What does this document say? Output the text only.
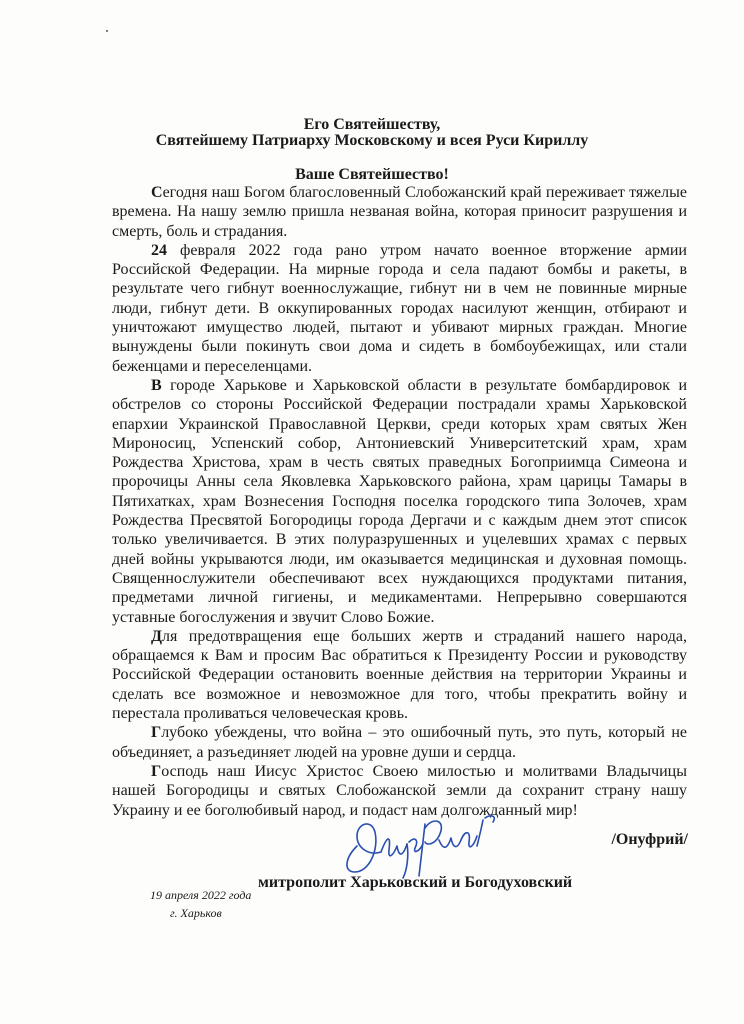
Его Святейшеству,
Святейшему Патриарху Московскому и всея Руси Кириллу
Ваше Святейшество!

Сегодня наш Богом благословенный Слобожанский край переживает тяжелые времена. На нашу землю пришла незваная война, которая приносит разрушения и смерть, боль и страдания.

24 февраля 2022 года рано утром начато военное вторжение армии Российской Федерации. На мирные города и села падают бомбы и ракеты, в результате чего гибнут военнослужащие, гибнут ни в чем не повинные мирные люди, гибнут дети. В оккупированных городах насилуют женщин, отбирают и уничтожают имущество людей, пытают и убивают мирных граждан. Многие вынуждены были покинуть свои дома и сидеть в бомбоубежищах, или стали беженцами и переселенцами.

В городе Харькове и Харьковской области в результате бомбардировок и обстрелов со стороны Российской Федерации пострадали храмы Харьковской епархии Украинской Православной Церкви, среди которых храм святых Жен Мироносиц, Успенский собор, Антониевский Университетский храм, храм Рождества Христова, храм в честь святых праведных Богоприимца Симеона и пророчицы Анны села Яковлевка Харьковского района, храм царицы Тамары в Пятихатках, храм Вознесения Господня поселка городского типа Золочев, храм Рождества Пресвятой Богородицы города Дергачи и с каждым днем этот список только увеличивается. В этих полуразрушенных и уцелевших храмах с первых дней войны укрываются люди, им оказывается медицинская и духовная помощь. Священнослужители обеспечивают всех нуждающихся продуктами питания, предметами личной гигиены, и медикаментами. Непрерывно совершаются уставные богослужения и звучит Слово Божие.

Для предотвращения еще больших жертв и страданий нашего народа, обращаемся к Вам и просим Вас обратиться к Президенту России и руководству Российской Федерации остановить военные действия на территории Украины и сделать все возможное и невозможное для того, чтобы прекратить войну и перестала проливаться человеческая кровь.

Глубоко убеждены, что война – это ошибочный путь, это путь, который не объединяет, а разъединяет людей на уровне души и сердца.

Господь наш Иисус Христос Своею милостью и молитвами Владычицы нашей Богородицы и святых Слобожанской земли да сохранит страну нашу Украину и ее боголюбивый народ, и подаст нам долгожданный мир!

/Онуфрий/
митрополит Харьковский и Богодуховский
19 апреля 2022 года
г. Харьков
